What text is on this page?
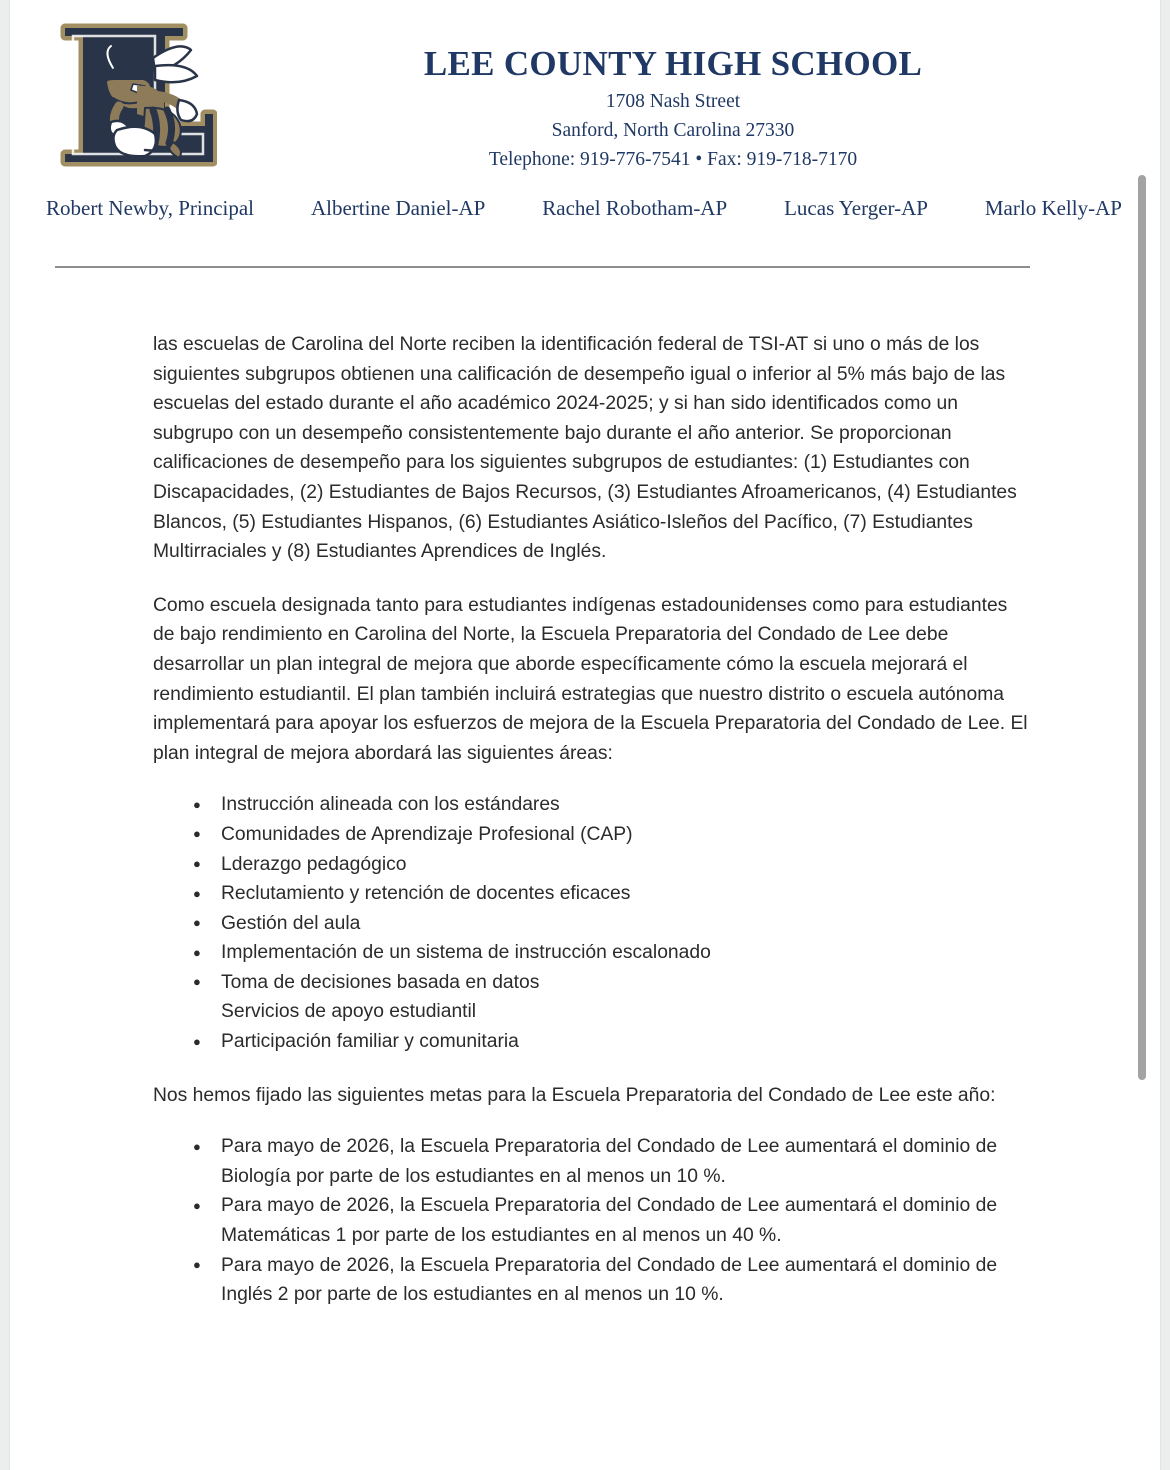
LEE COUNTY HIGH SCHOOL
1708 Nash Street
Sanford, North Carolina 27330
Telephone: 919-776-7541 • Fax: 919-718-7170
Robert Newby, Principal	Albertine Daniel-AP	Rachel Robotham-AP	Lucas Yerger-AP	Marlo Kelly-AP

las escuelas de Carolina del Norte reciben la identificación federal de TSI-AT si uno o más de los siguientes subgrupos obtienen una calificación de desempeño igual o inferior al 5% más bajo de las escuelas del estado durante el año académico 2024-2025; y si han sido identificados como un subgrupo con un desempeño consistentemente bajo durante el año anterior. Se proporcionan calificaciones de desempeño para los siguientes subgrupos de estudiantes: (1) Estudiantes con Discapacidades, (2) Estudiantes de Bajos Recursos, (3) Estudiantes Afroamericanos, (4) Estudiantes Blancos, (5) Estudiantes Hispanos, (6) Estudiantes Asiático-Isleños del Pacífico, (7) Estudiantes Multirraciales y (8) Estudiantes Aprendices de Inglés.

Como escuela designada tanto para estudiantes indígenas estadounidenses como para estudiantes de bajo rendimiento en Carolina del Norte, la Escuela Preparatoria del Condado de Lee debe desarrollar un plan integral de mejora que aborde específicamente cómo la escuela mejorará el rendimiento estudiantil. El plan también incluirá estrategias que nuestro distrito o escuela autónoma implementará para apoyar los esfuerzos de mejora de la Escuela Preparatoria del Condado de Lee. El plan integral de mejora abordará las siguientes áreas:

● Instrucción alineada con los estándares
● Comunidades de Aprendizaje Profesional (CAP)
● Lderazgo pedagógico
● Reclutamiento y retención de docentes eficaces
● Gestión del aula
● Implementación de un sistema de instrucción escalonado
● Toma de decisiones basada en datos
Servicios de apoyo estudiantil
● Participación familiar y comunitaria

Nos hemos fijado las siguientes metas para la Escuela Preparatoria del Condado de Lee este año:

● Para mayo de 2026, la Escuela Preparatoria del Condado de Lee aumentará el dominio de Biología por parte de los estudiantes en al menos un 10 %.
● Para mayo de 2026, la Escuela Preparatoria del Condado de Lee aumentará el dominio de Matemáticas 1 por parte de los estudiantes en al menos un 40 %.
● Para mayo de 2026, la Escuela Preparatoria del Condado de Lee aumentará el dominio de Inglés 2 por parte de los estudiantes en al menos un 10 %.
